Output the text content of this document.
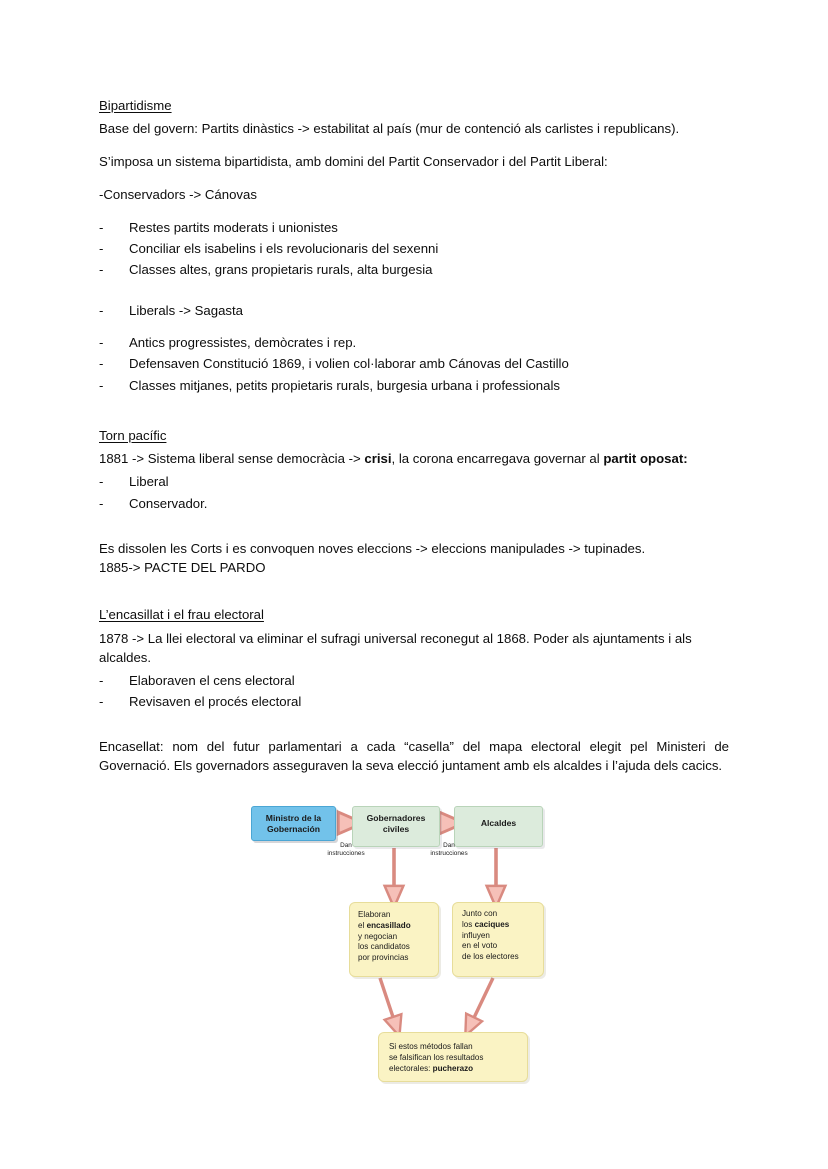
Bipartidisme
Base del govern: Partits dinàstics -> estabilitat al país (mur de contenció als carlistes i republicans).
S’imposa un sistema bipartidista, amb domini del Partit Conservador i del Partit Liberal:
-Conservadors -> Cánovas
- Restes partits moderats i unionistes
- Conciliar els isabelins i els revolucionaris del sexenni
- Classes altes, grans propietaris rurals, alta burgesia
- Liberals -> Sagasta
- Antics progressistes, demòcrates i rep.
- Defensaven Constitució 1869, i volien col·laborar amb Cánovas del Castillo
- Classes mitjanes, petits propietaris rurals, burgesia urbana i professionals
Torn pacífic
1881 -> Sistema liberal sense democràcia -> crisi, la corona encarregava governar al partit oposat:
- Liberal
- Conservador.
Es dissolen les Corts i es convoquen noves eleccions -> eleccions manipulades -> tupinades.
1885-> PACTE DEL PARDO
L’encasillat i el frau electoral
1878 -> La llei electoral va eliminar el sufragi universal reconegut al 1868. Poder als ajuntaments i als alcaldes.
- Elaboraven el cens electoral
- Revisaven el procés electoral
Encasellat: nom del futur parlamentari a cada “casella” del mapa electoral elegit pel Ministeri de Governació. Els governadors asseguraven la seva elecció juntament amb els alcaldes i l’ajuda dels cacics.
Ministro de la Gobernación
Gobernadores civiles
Alcaldes
Dan
instrucciones
Dan
instrucciones
Elaboran
el encasillado
y negocian
los candidatos
por provincias
Junto con
los caciques
influyen
en el voto
de los electores
Si estos métodos fallan
se falsifican los resultados
electorales: pucherazo
